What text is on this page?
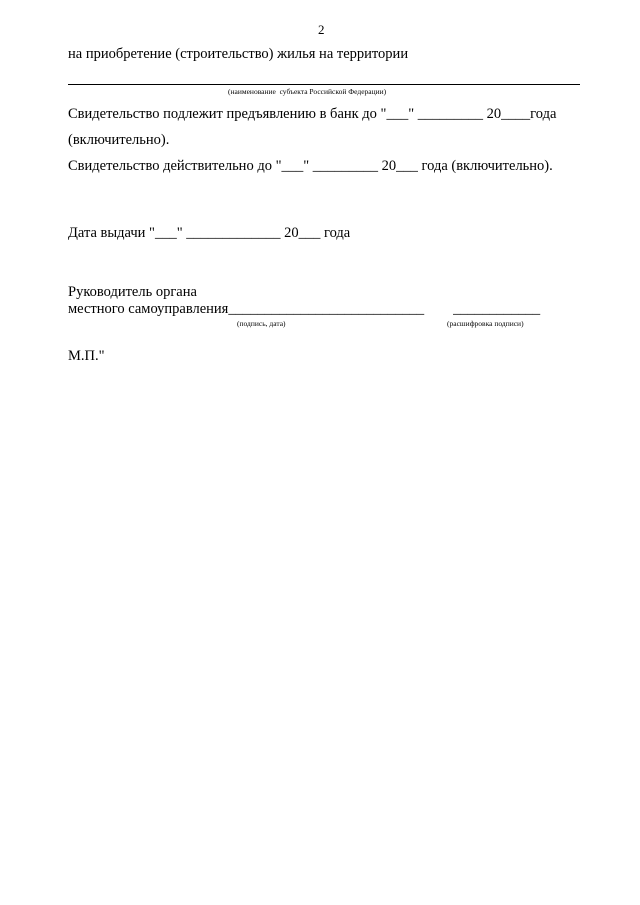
2
на приобретение (строительство) жилья на территории
(наименование  субъекта Российской Федерации)
Свидетельство подлежит предъявлению в банк до "___" _________ 20____года
(включительно).
Свидетельство действительно до "___" _________ 20___ года (включительно).
Дата выдачи "___" _____________ 20___ года
Руководитель органа
местного самоуправления___________________________        ____________
(подпись, дата)	(расшифровка подписи)
М.П."
